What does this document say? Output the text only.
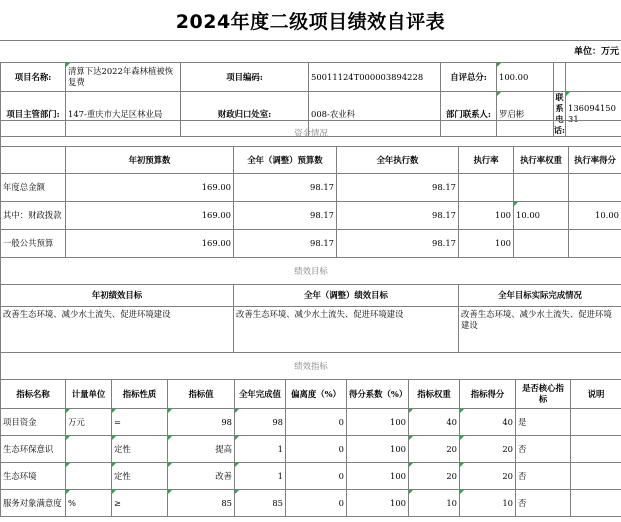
2024年度二级项目绩效自评表
单位：万元
项目名称:	清算下达2022年森林植被恢复费	项目编码:	50011124T000003894228	自评总分:	100.00		
项目主管部门:	147-重庆市大足区林业局	财政归口处室:	008-农业科	部门联系人:	罗启彬	联系电话:	13609415031
资金情况						
	年初预算数	全年（调整）预算数	全年执行数	执行率	执行率权重	执行率得分
年度总金额	169.00	98.17	98.17			
其中：财政拨款	169.00	98.17	98.17	100	10.00	10.00
一般公共预算	169.00	98.17	98.17	100		
绩效目标		
年初绩效目标	全年（调整）绩效目标	全年目标实际完成情况
改善生态环境、减少水土流失、促进环境建设	改善生态环境、减少水土流失、促进环境建设	改善生态环境、减少水土流失、促进环境建设
绩效指标										
指标名称	计量单位	指标性质	指标值	全年完成值	偏离度（%）	得分系数（%）	指标权重	指标得分	是否核心指标	说明
项目资金	万元	=	98	98	0	100	40	40	是	
生态环保意识		定性	提高	1	0	100	20	20	否	
生态环境		定性	改善	1	0	100	20	20	否	
服务对象满意度	%	≥	85	85	0	100	10	10	否	
